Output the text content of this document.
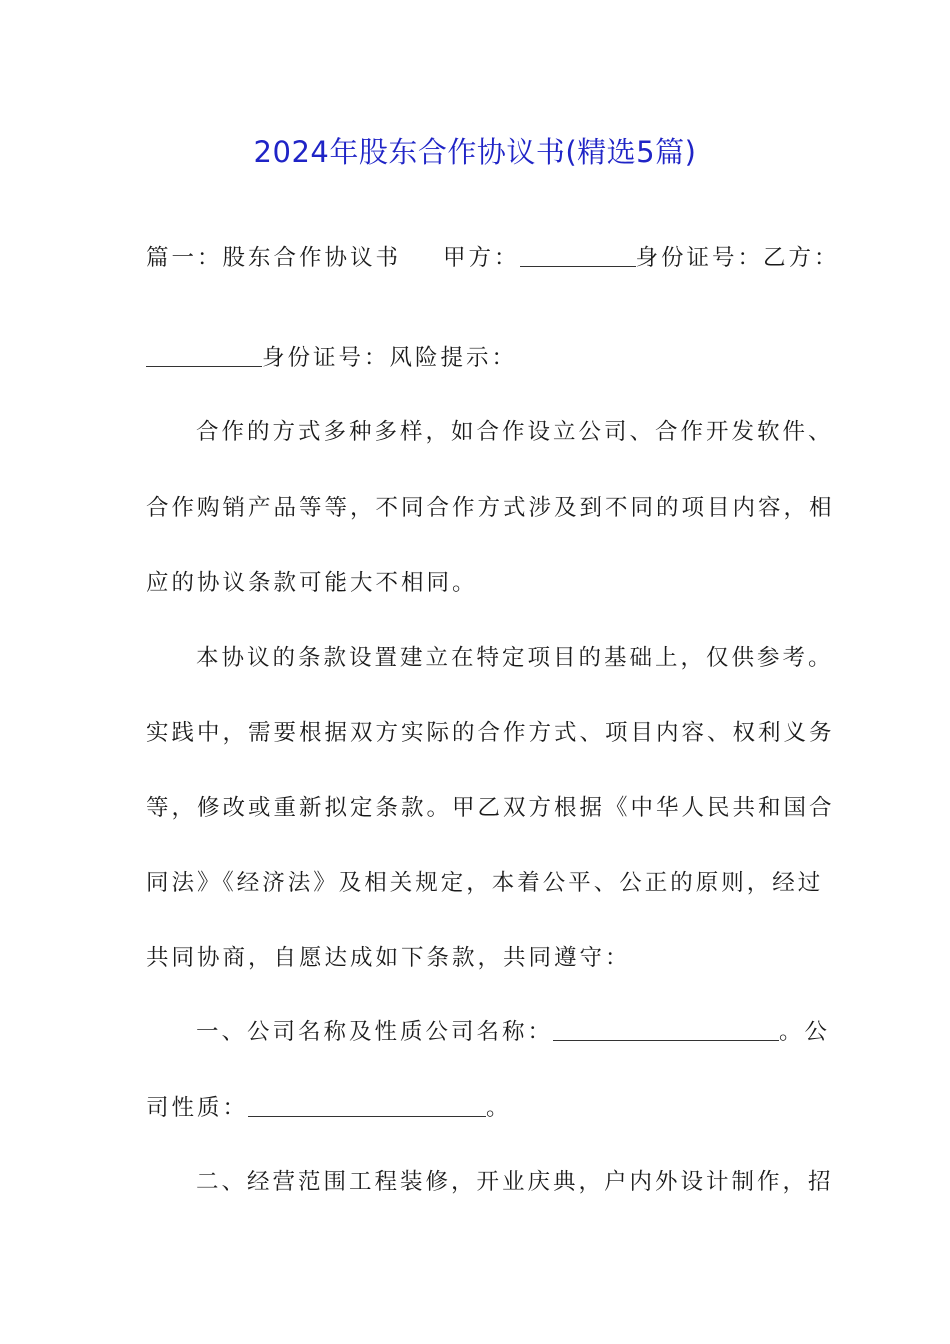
2024年股东合作协议书(精选5篇)
篇一：股东合作协议书 甲方：	身份证号：乙方：
身份证号：风险提示：
合作的方式多种多样，如合作设立公司、合作开发软件、
合作购销产品等等，不同合作方式涉及到不同的项目内容，相
应的协议条款可能大不相同。
本协议的条款设置建立在特定项目的基础上，仅供参考。
实践中，需要根据双方实际的合作方式、项目内容、权利义务
等，修改或重新拟定条款。甲乙双方根据《中华人民共和国合
同法》《经济法》及相关规定，本着公平、公正的原则，经过
共同协商，自愿达成如下条款，共同遵守：
一、公司名称及性质公司名称：	。公
司性质：	。
二、经营范围工程装修，开业庆典，户内外设计制作，招
